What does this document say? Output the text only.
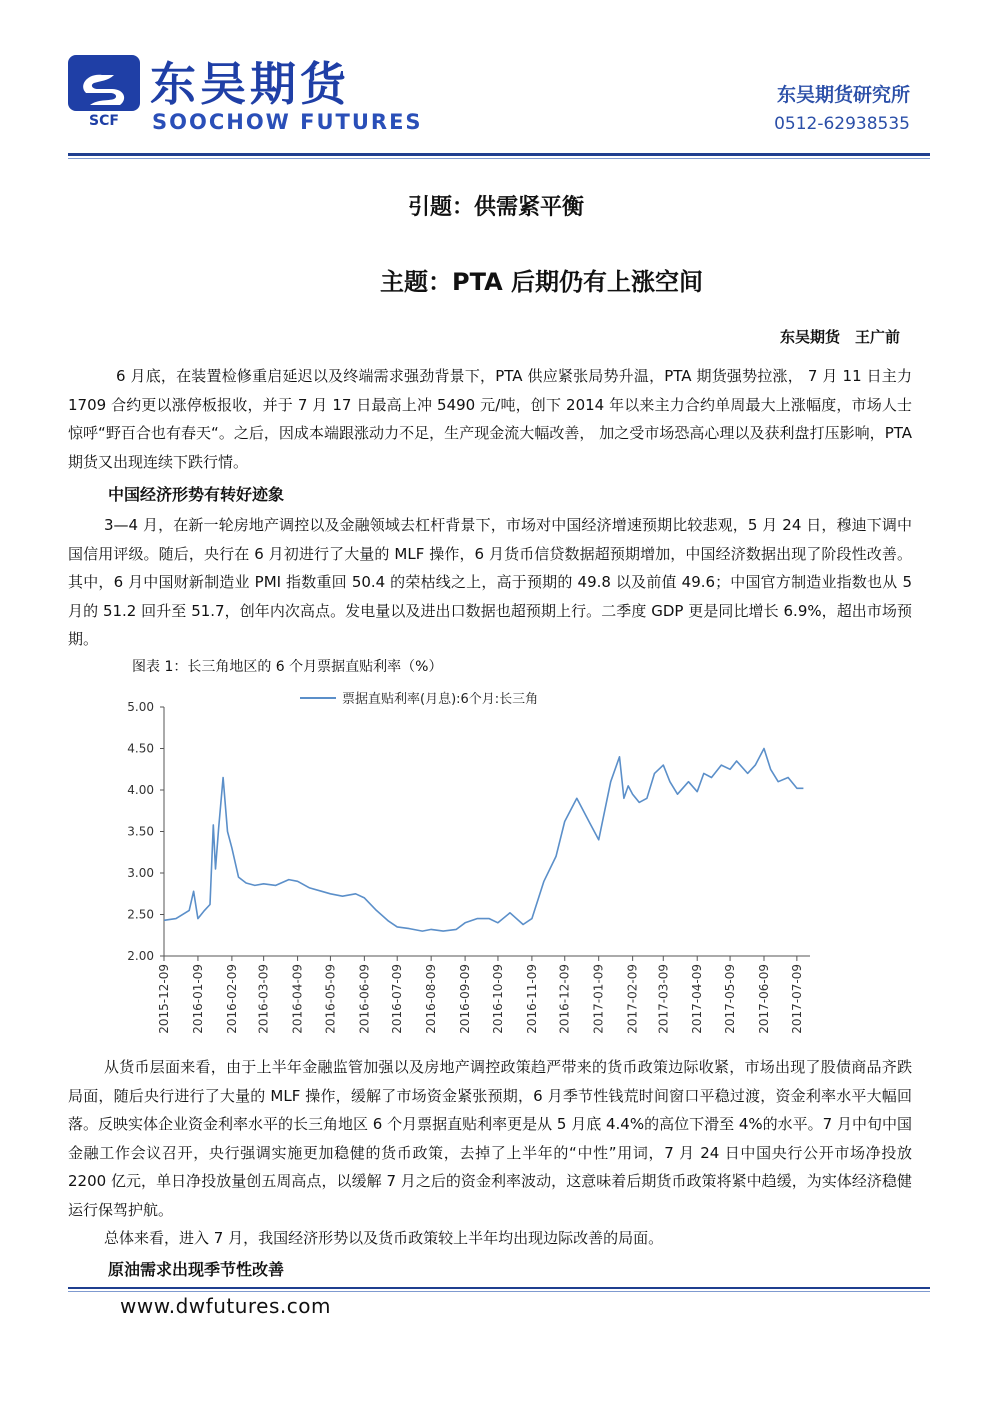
SCF
东吴期货
SOOCHOW FUTURES
东吴期货研究所
0512-62938535
引题：供需紧平衡
主题：PTA 后期仍有上涨空间
东吴期货　王广前
6 月底，在装置检修重启延迟以及终端需求强劲背景下，PTA 供应紧张局势升温，PTA 期货强势拉涨， 7 月 11 日主力 1709 合约更以涨停板报收，并于 7 月 17 日最高上冲 5490 元/吨，创下 2014 年以来主力合约单周最大上涨幅度，市场人士惊呼“野百合也有春天“。之后，因成本端跟涨动力不足，生产现金流大幅改善， 加之受市场恐高心理以及获利盘打压影响，PTA 期货又出现连续下跌行情。
中国经济形势有转好迹象
3—4 月，在新一轮房地产调控以及金融领域去杠杆背景下，市场对中国经济增速预期比较悲观，5 月 24 日，穆迪下调中国信用评级。随后，央行在 6 月初进行了大量的 MLF 操作，6 月货币信贷数据超预期增加，中国经济数据出现了阶段性改善。其中，6 月中国财新制造业 PMI 指数重回 50.4 的荣枯线之上，高于预期的 49.8 以及前值 49.6；中国官方制造业指数也从 5 月的 51.2 回升至 51.7，创年内次高点。发电量以及进出口数据也超预期上行。二季度 GDP 更是同比增长 6.9%，超出市场预期。
图表 1：长三角地区的 6 个月票据直贴利率（%）
5.00
4.50
4.00
3.50
3.00
2.50
2.00
2015-12-09 2016-01-09 2016-02-09 2016-03-09 2016-04-09 2016-05-09 2016-06-09 2016-07-09 2016-08-09 2016-09-09 2016-10-09 2016-11-09 2016-12-09 2017-01-09 2017-02-09 2017-03-09 2017-04-09 2017-05-09 2017-06-09 2017-07-09
票据直贴利率(月息):6个月:长三角
从货币层面来看，由于上半年金融监管加强以及房地产调控政策趋严带来的货币政策边际收紧，市场出现了股债商品齐跌局面，随后央行进行了大量的 MLF 操作，缓解了市场资金紧张预期，6 月季节性钱荒时间窗口平稳过渡，资金利率水平大幅回落。反映实体企业资金利率水平的长三角地区 6 个月票据直贴利率更是从 5 月底 4.4%的高位下滑至 4%的水平。7 月中旬中国金融工作会议召开，央行强调实施更加稳健的货币政策，去掉了上半年的“中性”用词，7 月 24 日中国央行公开市场净投放 2200 亿元，单日净投放量创五周高点，以缓解 7 月之后的资金利率波动，这意味着后期货币政策将紧中趋缓，为实体经济稳健运行保驾护航。
总体来看，进入 7 月，我国经济形势以及货币政策较上半年均出现边际改善的局面。
原油需求出现季节性改善
www.dwfutures.com
